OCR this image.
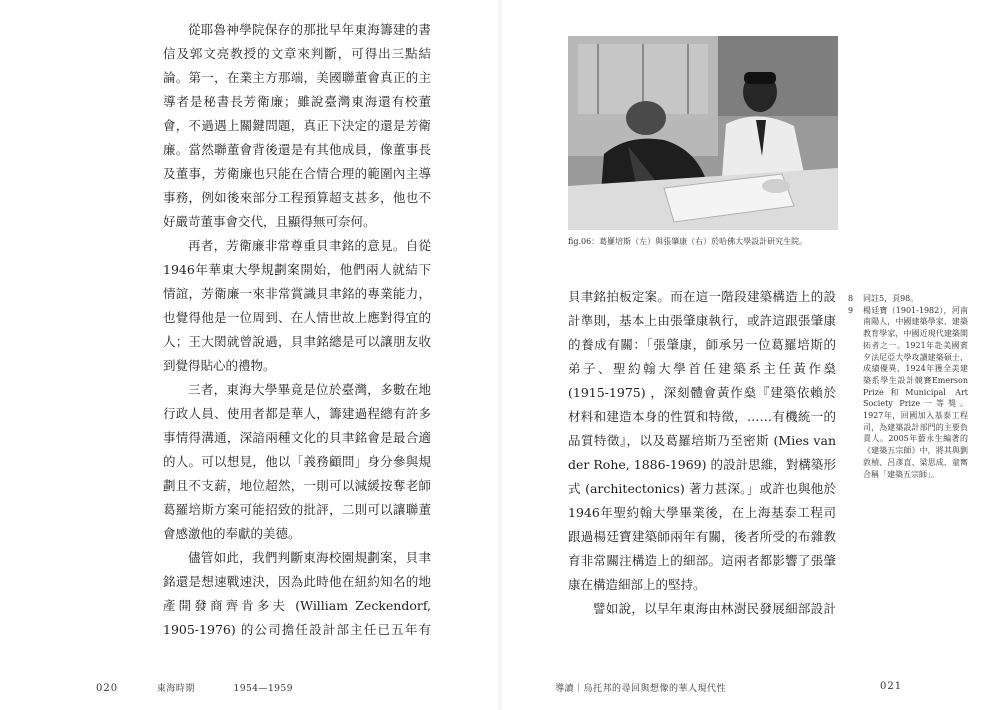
從耶魯神學院保存的那批早年東海籌建的書信及郭文亮教授的文章來判斷，可得出三點結論。第一，在業主方那端，美國聯董會真正的主導者是秘書長芳衛廉；雖說臺灣東海還有校董會，不過遇上關鍵問題，真正下決定的還是芳衛廉。當然聯董會背後還是有其他成員，像董事長及董事，芳衛廉也只能在合情合理的範圍內主導事務，例如後來部分工程預算超支甚多，他也不好嚴苛董事會交代，且顯得無可奈何。

再者，芳衛廉非常尊重貝聿銘的意見。自從1946年華東大學規劃案開始，他們兩人就結下情誼，芳衛廉一來非常賞識貝聿銘的專業能力，也覺得他是一位周到、在人情世故上應對得宜的人；王大閎就曾說過，貝聿銘總是可以讓朋友收到覺得貼心的禮物。

三者，東海大學畢竟是位於臺灣，多數在地行政人員、使用者都是華人，籌建過程總有許多事情得溝通，深諳兩種文化的貝聿銘會是最合適的人。可以想見，他以「義務顧問」身分參與規劃且不支薪，地位超然，一則可以減緩按奪老師葛羅培斯方案可能招致的批評，二則可以讓聯董會感激他的奉獻的美德。

儘管如此，我們判斷東海校園規劃案，貝聿銘還是想速戰速決，因為此時他在紐約知名的地產開發商齊肯多夫 (William Zeckendorf, 1905-1976) 的公司擔任設計部主任已五年有

020	東海時期	1954—1959
fig.06：葛羅培斯（左）與張肇康（右）於哈佛大學設計研究生院。

貝聿銘拍板定案。而在這一階段建築構造上的設計準則，基本上由張肇康執行，或許這跟張肇康的養成有關：「張肇康，師承另一位葛羅培斯的弟子、聖約翰大學首任建築系主任黃作燊 (1915-1975) ，深刻體會黃作燊『建築依賴於材料和建造本身的性質和特徵，……有機統一的品質特徵』，以及葛羅培斯乃至密斯 (Mies van der Rohe, 1886-1969) 的設計思維，對構築形式 (architectonics) 著力甚深。」或許也與他於1946年聖約翰大學畢業後，在上海基泰工程司跟過楊廷寶建築師兩年有關，後者所受的布雜教育非常關注構造上的細部。這兩者都影響了張肇康在構造細部上的堅持。

譬如說，以早年東海由林澍民發展細部設計

8 同註5，頁98。
9 楊廷寶（1901-1982），河南南陽人，中國建築學家、建築教育學家，中國近現代建築開拓者之一。1921年赴美國賓夕法尼亞大學攻讀建築碩士，成績優異，1924年獲全美建築系學生設計競賽Emerson Prize和Municipal Art Society Prize一等獎。1927年，回國加入基泰工程司，為建築設計部門的主要負責人。2005年藝永生編著的《建築五宗師》中，將其與劉敦楨、呂彥直、梁思成、童寯合稱「建築五宗師」。
導讀｜烏托邦的尋回與想像的華人現代性	021
